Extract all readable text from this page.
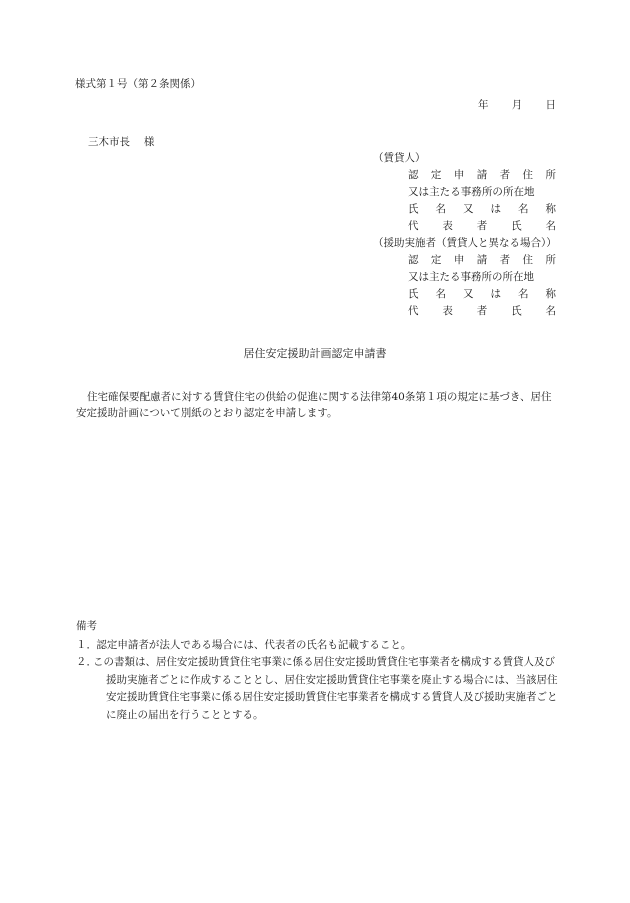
様式第１号（第２条関係）
年 月 日
三木市長　 様
（賃貸人）
認 定 申 請 者 住 所
又は主たる事務所の所在地
氏 名 又 は 名 称
代 表 者 氏 名
（援助実施者（賃貸人と異なる場合））
認 定 申 請 者 住 所
又は主たる事務所の所在地
氏 名 又 は 名 称
代 表 者 氏 名
居住安定援助計画認定申請書
住宅確保要配慮者に対する賃貸住宅の供給の促進に関する法律第40条第１項の規定に基づき、居住安定援助計画について別紙のとおり認定を申請します。
備考
１． 認定申請者が法人である場合には、代表者の氏名も記載すること。
２．
この書類は、居住安定援助賃貸住宅事業に係る居住安定援助賃貸住宅事業者を構成する賃貸人及び援助実施者ごとに作成することとし、居住安定援助賃貸住宅事業を廃止する場合には、当該居住安定援助賃貸住宅事業に係る居住安定援助賃貸住宅事業者を構成する賃貸人及び援助実施者ごとに廃止の届出を行うこととする。
